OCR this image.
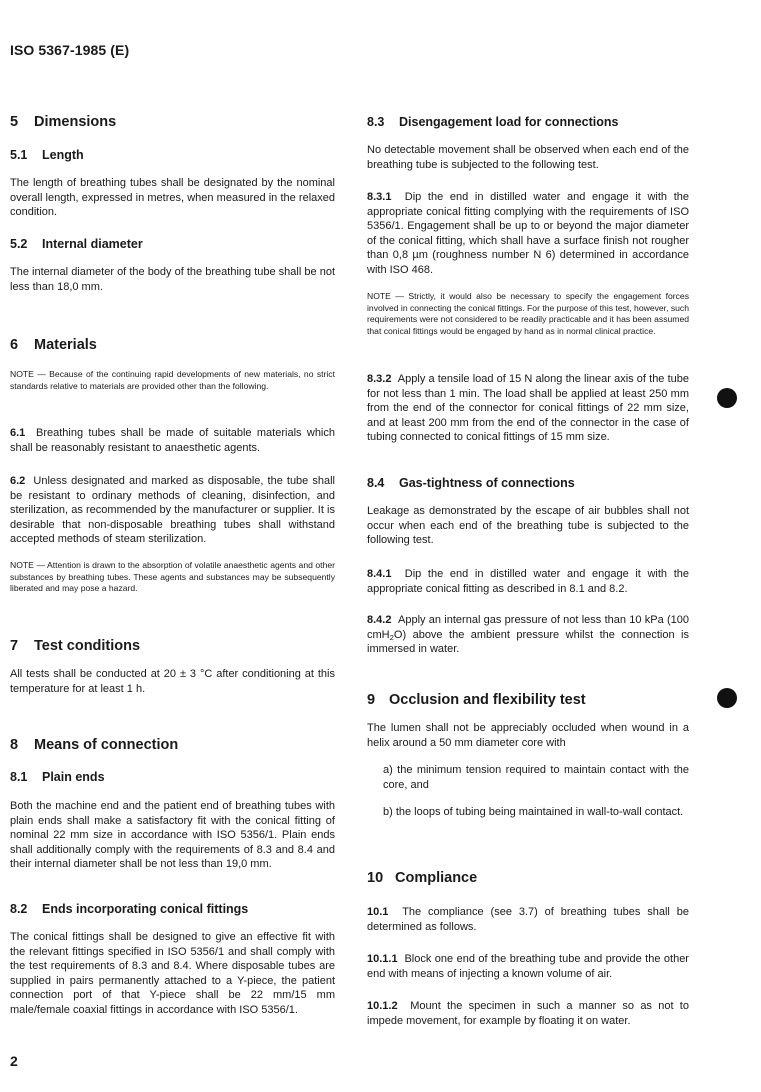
ISO 5367-1985 (E)
5 Dimensions
5.1 Length
The length of breathing tubes shall be designated by the nominal overall length, expressed in metres, when measured in the relaxed condition.
5.2 Internal diameter
The internal diameter of the body of the breathing tube shall be not less than 18,0 mm.
6 Materials
NOTE — Because of the continuing rapid developments of new materials, no strict standards relative to materials are provided other than the following.
6.1 Breathing tubes shall be made of suitable materials which shall be reasonably resistant to anaesthetic agents.
6.2 Unless designated and marked as disposable, the tube shall be resistant to ordinary methods of cleaning, disinfection, and sterilization, as recommended by the manufacturer or supplier. It is desirable that non-disposable breathing tubes shall withstand accepted methods of steam sterilization.
NOTE — Attention is drawn to the absorption of volatile anaesthetic agents and other substances by breathing tubes. These agents and substances may be subsequently liberated and may pose a hazard.
7 Test conditions
All tests shall be conducted at 20 ± 3 °C after conditioning at this temperature for at least 1 h.
8 Means of connection
8.1 Plain ends
Both the machine end and the patient end of breathing tubes with plain ends shall make a satisfactory fit with the conical fitting of nominal 22 mm size in accordance with ISO 5356/1. Plain ends shall additionally comply with the requirements of 8.3 and 8.4 and their internal diameter shall be not less than 19,0 mm.
8.2 Ends incorporating conical fittings
The conical fittings shall be designed to give an effective fit with the relevant fittings specified in ISO 5356/1 and shall comply with the test requirements of 8.3 and 8.4. Where disposable tubes are supplied in pairs permanently attached to a Y-piece, the patient connection port of that Y-piece shall be 22 mm/15 mm male/female coaxial fittings in accordance with ISO 5356/1.
8.3 Disengagement load for connections
No detectable movement shall be observed when each end of the breathing tube is subjected to the following test.
8.3.1 Dip the end in distilled water and engage it with the appropriate conical fitting complying with the requirements of ISO 5356/1. Engagement shall be up to or beyond the major diameter of the conical fitting, which shall have a surface finish not rougher than 0,8 µm (roughness number N 6) determined in accordance with ISO 468.
NOTE — Strictly, it would also be necessary to specify the engagement forces involved in connecting the conical fittings. For the purpose of this test, however, such requirements were not considered to be readily practicable and it has been assumed that conical fittings would be engaged by hand as in normal clinical practice.
8.3.2 Apply a tensile load of 15 N along the linear axis of the tube for not less than 1 min. The load shall be applied at least 250 mm from the end of the connector for conical fittings of 22 mm size, and at least 200 mm from the end of the connector in the case of tubing connected to conical fittings of 15 mm size.
8.4 Gas-tightness of connections
Leakage as demonstrated by the escape of air bubbles shall not occur when each end of the breathing tube is subjected to the following test.
8.4.1 Dip the end in distilled water and engage it with the appropriate conical fitting as described in 8.1 and 8.2.
8.4.2 Apply an internal gas pressure of not less than 10 kPa (100 cmH$_2$O) above the ambient pressure whilst the connection is immersed in water.
9 Occlusion and flexibility test
The lumen shall not be appreciably occluded when wound in a helix around a 50 mm diameter core with
a) the minimum tension required to maintain contact with the core, and
b) the loops of tubing being maintained in wall-to-wall contact.
10 Compliance
10.1 The compliance (see 3.7) of breathing tubes shall be determined as follows.
10.1.1 Block one end of the breathing tube and provide the other end with means of injecting a known volume of air.
10.1.2 Mount the specimen in such a manner so as not to impede movement, for example by floating it on water.
2
